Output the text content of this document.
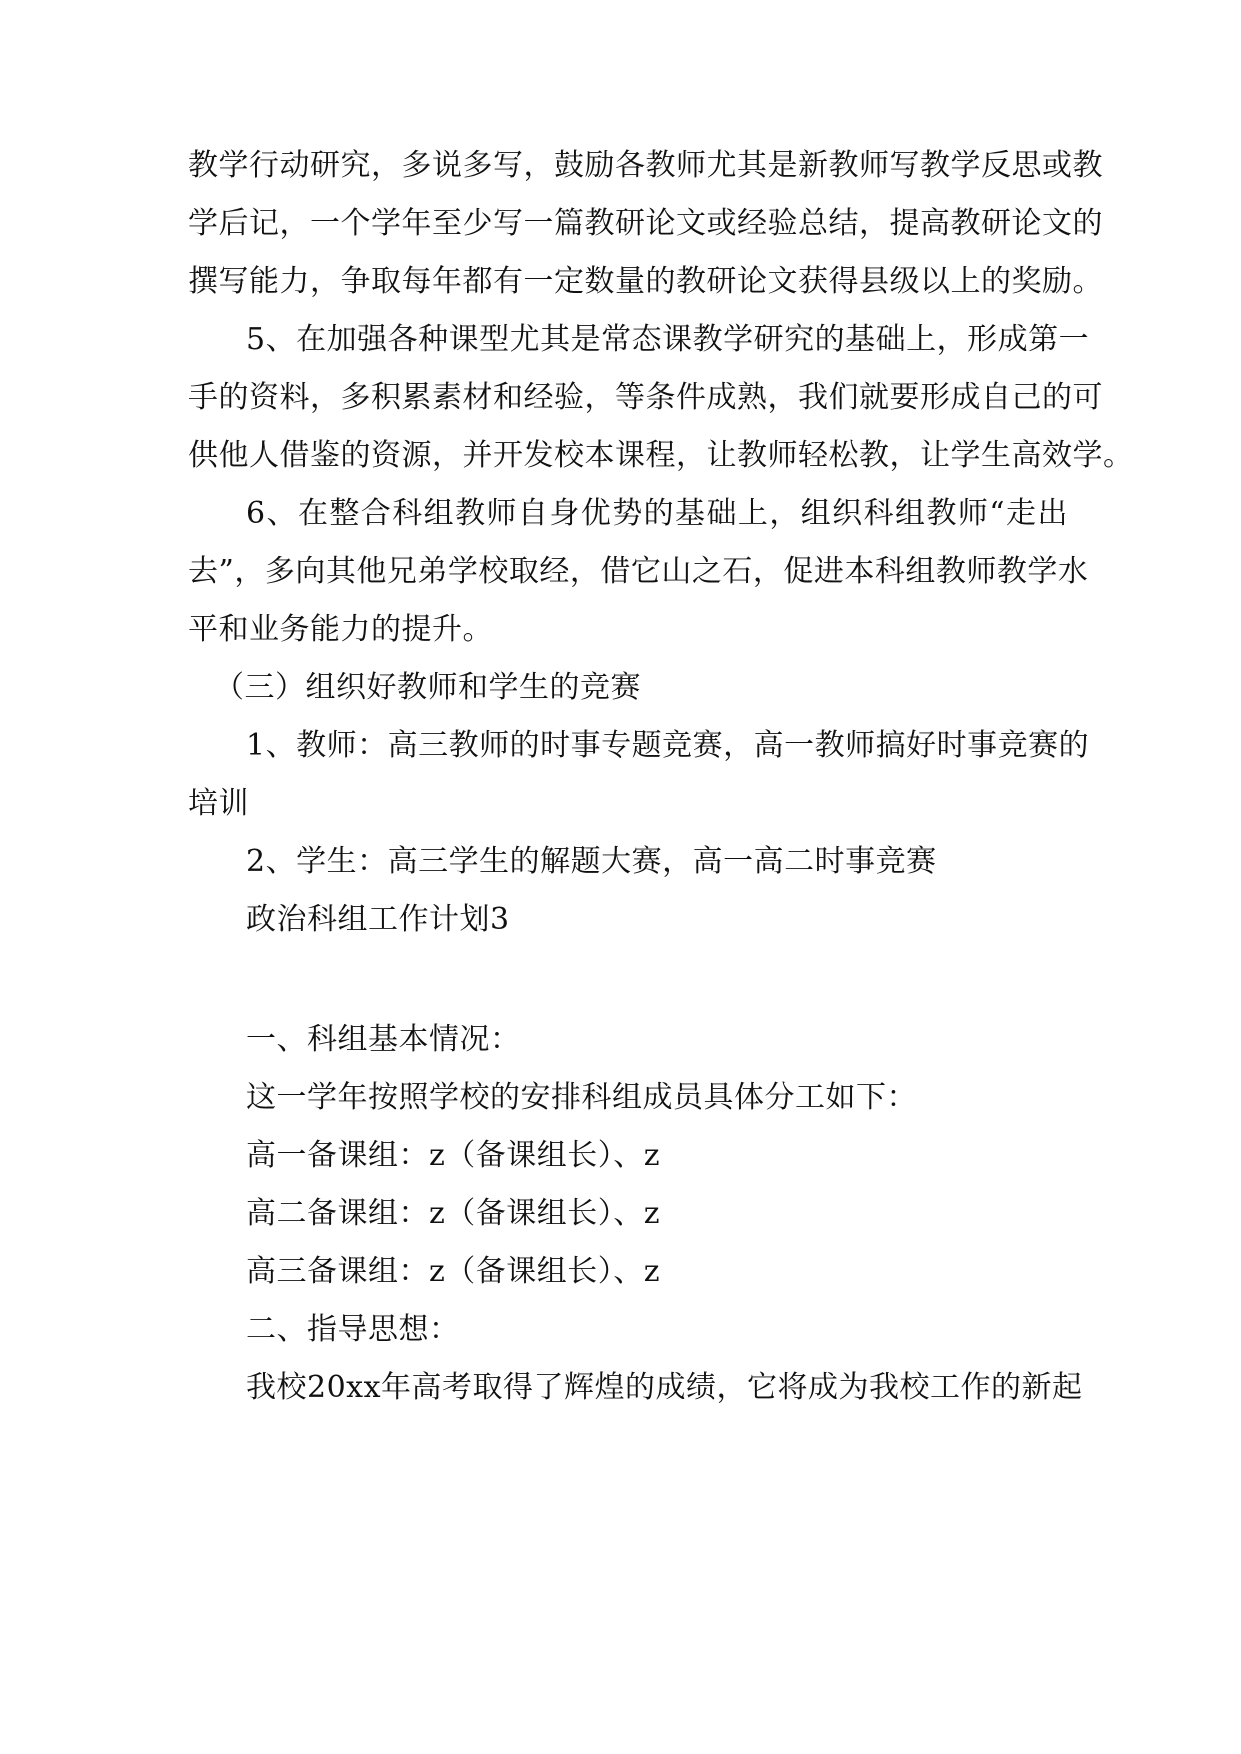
教学行动研究，多说多写，鼓励各教师尤其是新教师写教学反思或教
学后记，一个学年至少写一篇教研论文或经验总结，提高教研论文的
撰写能力，争取每年都有一定数量的教研论文获得县级以上的奖励。
5、在加强各种课型尤其是常态课教学研究的基础上，形成第一
手的资料，多积累素材和经验，等条件成熟，我们就要形成自己的可
供他人借鉴的资源，并开发校本课程，让教师轻松教，让学生高效学。
6、在整合科组教师自身优势的基础上，组织科组教师“走出
去”，多向其他兄弟学校取经，借它山之石，促进本科组教师教学水
平和业务能力的提升。
（三）组织好教师和学生的竞赛
1、教师：高三教师的时事专题竞赛，高一教师搞好时事竞赛的
培训
2、学生：高三学生的解题大赛，高一高二时事竞赛
政治科组工作计划3
一、科组基本情况：
这一学年按照学校的安排科组成员具体分工如下：
高一备课组：z（备课组长）、z
高二备课组：z（备课组长）、z
高三备课组：z（备课组长）、z
二、指导思想：
我校20xx年高考取得了辉煌的成绩，它将成为我校工作的新起
